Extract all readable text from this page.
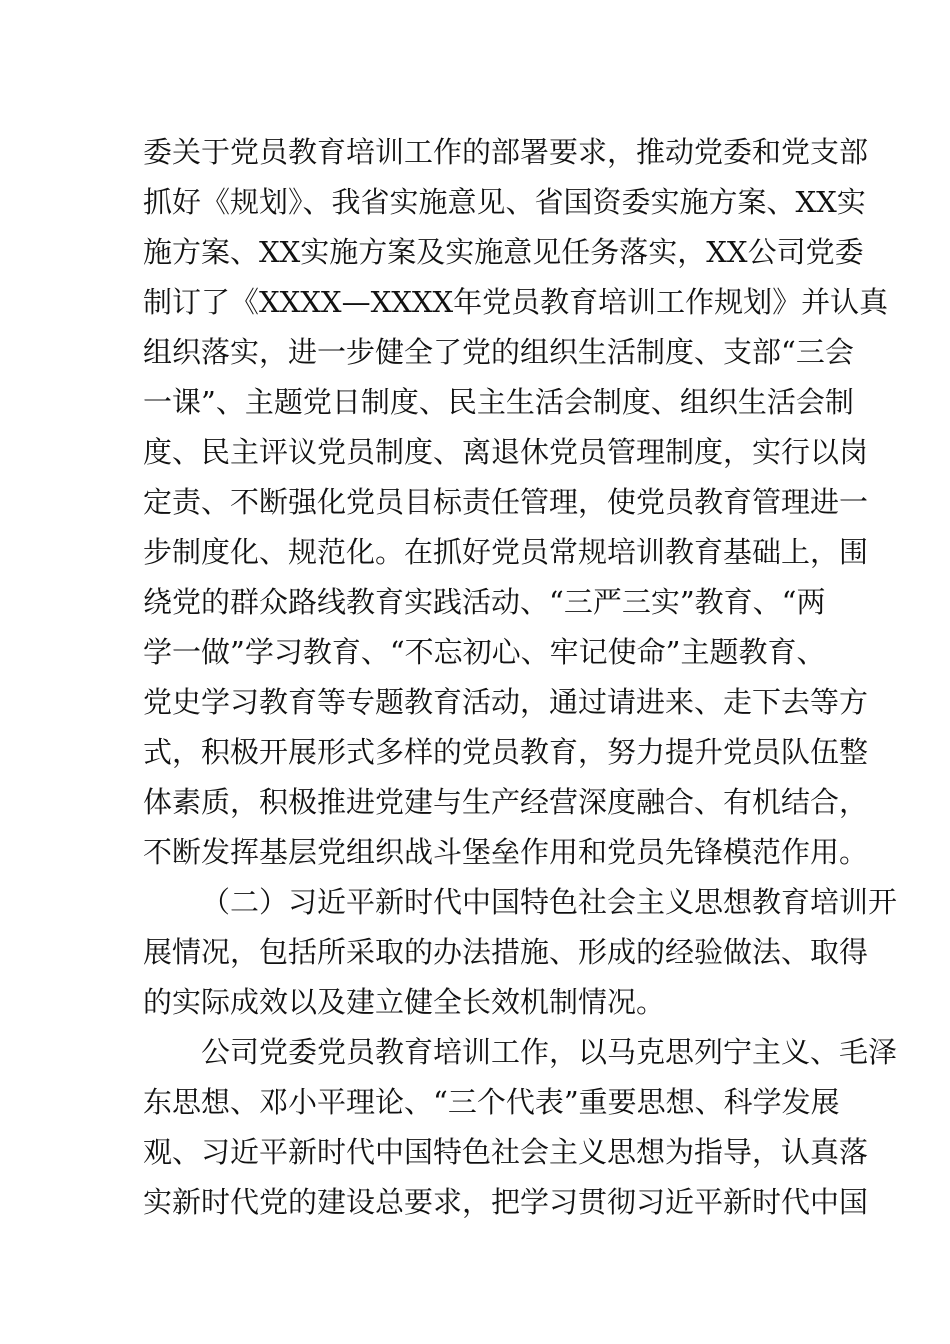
委关于党员教育培训工作的部署要求，推动党委和党支部
抓好《规划》、我省实施意见、省国资委实施方案、XX实
施方案、XX实施方案及实施意见任务落实，XX公司党委
制订了《XXXX—XXXX年党员教育培训工作规划》并认真
组织落实，进一步健全了党的组织生活制度、支部“三会
一课”、主题党日制度、民主生活会制度、组织生活会制
度、民主评议党员制度、离退休党员管理制度，实行以岗
定责、不断强化党员目标责任管理，使党员教育管理进一
步制度化、规范化。在抓好党员常规培训教育基础上，围
绕党的群众路线教育实践活动、“三严三实”教育、“两
学一做”学习教育、“不忘初心、牢记使命”主题教育、
党史学习教育等专题教育活动，通过请进来、走下去等方
式，积极开展形式多样的党员教育，努力提升党员队伍整
体素质，积极推进党建与生产经营深度融合、有机结合，
不断发挥基层党组织战斗堡垒作用和党员先锋模范作用。
（二）习近平新时代中国特色社会主义思想教育培训开
展情况，包括所采取的办法措施、形成的经验做法、取得
的实际成效以及建立健全长效机制情况。
公司党委党员教育培训工作，以马克思列宁主义、毛泽
东思想、邓小平理论、“三个代表”重要思想、科学发展
观、习近平新时代中国特色社会主义思想为指导，认真落
实新时代党的建设总要求，把学习贯彻习近平新时代中国
